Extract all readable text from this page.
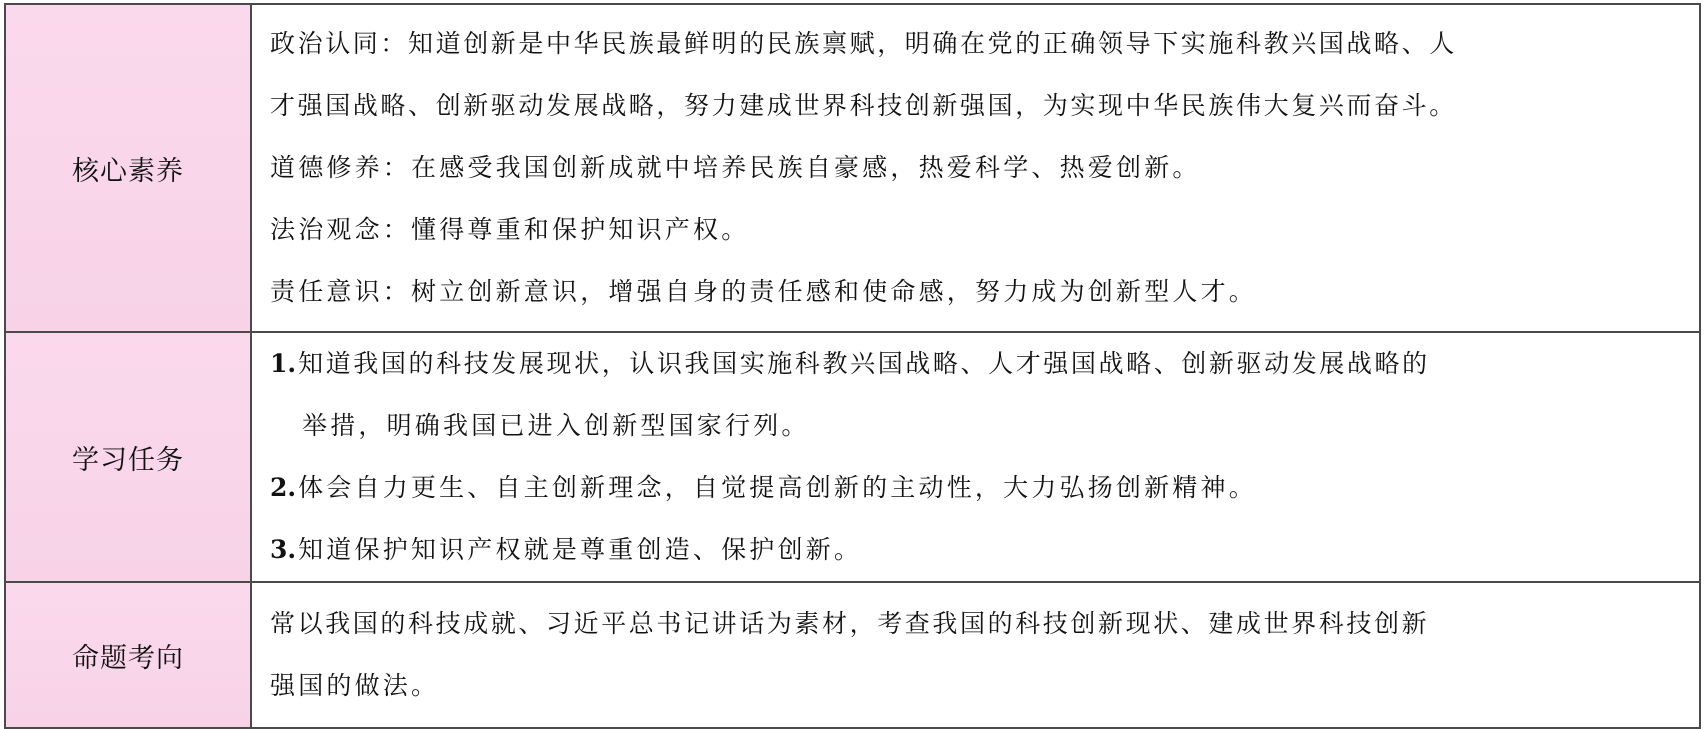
核心素养	政治认同：知道创新是中华民族最鲜明的民族禀赋，明确在党的正确领导下实施科教兴国战略、人
才强国战略、创新驱动发展战略，努力建成世界科技创新强国，为实现中华民族伟大复兴而奋斗。
道德修养：在感受我国创新成就中培养民族自豪感，热爱科学、热爱创新。
法治观念：懂得尊重和保护知识产权。
责任意识：树立创新意识，增强自身的责任感和使命感，努力成为创新型人才。

学习任务	1.知道我国的科技发展现状，认识我国实施科教兴国战略、人才强国战略、创新驱动发展战略的
举措，明确我国已进入创新型国家行列。
2.体会自力更生、自主创新理念，自觉提高创新的主动性，大力弘扬创新精神。
3.知道保护知识产权就是尊重创造、保护创新。

命题考向	常以我国的科技成就、习近平总书记讲话为素材，考查我国的科技创新现状、建成世界科技创新
强国的做法。
